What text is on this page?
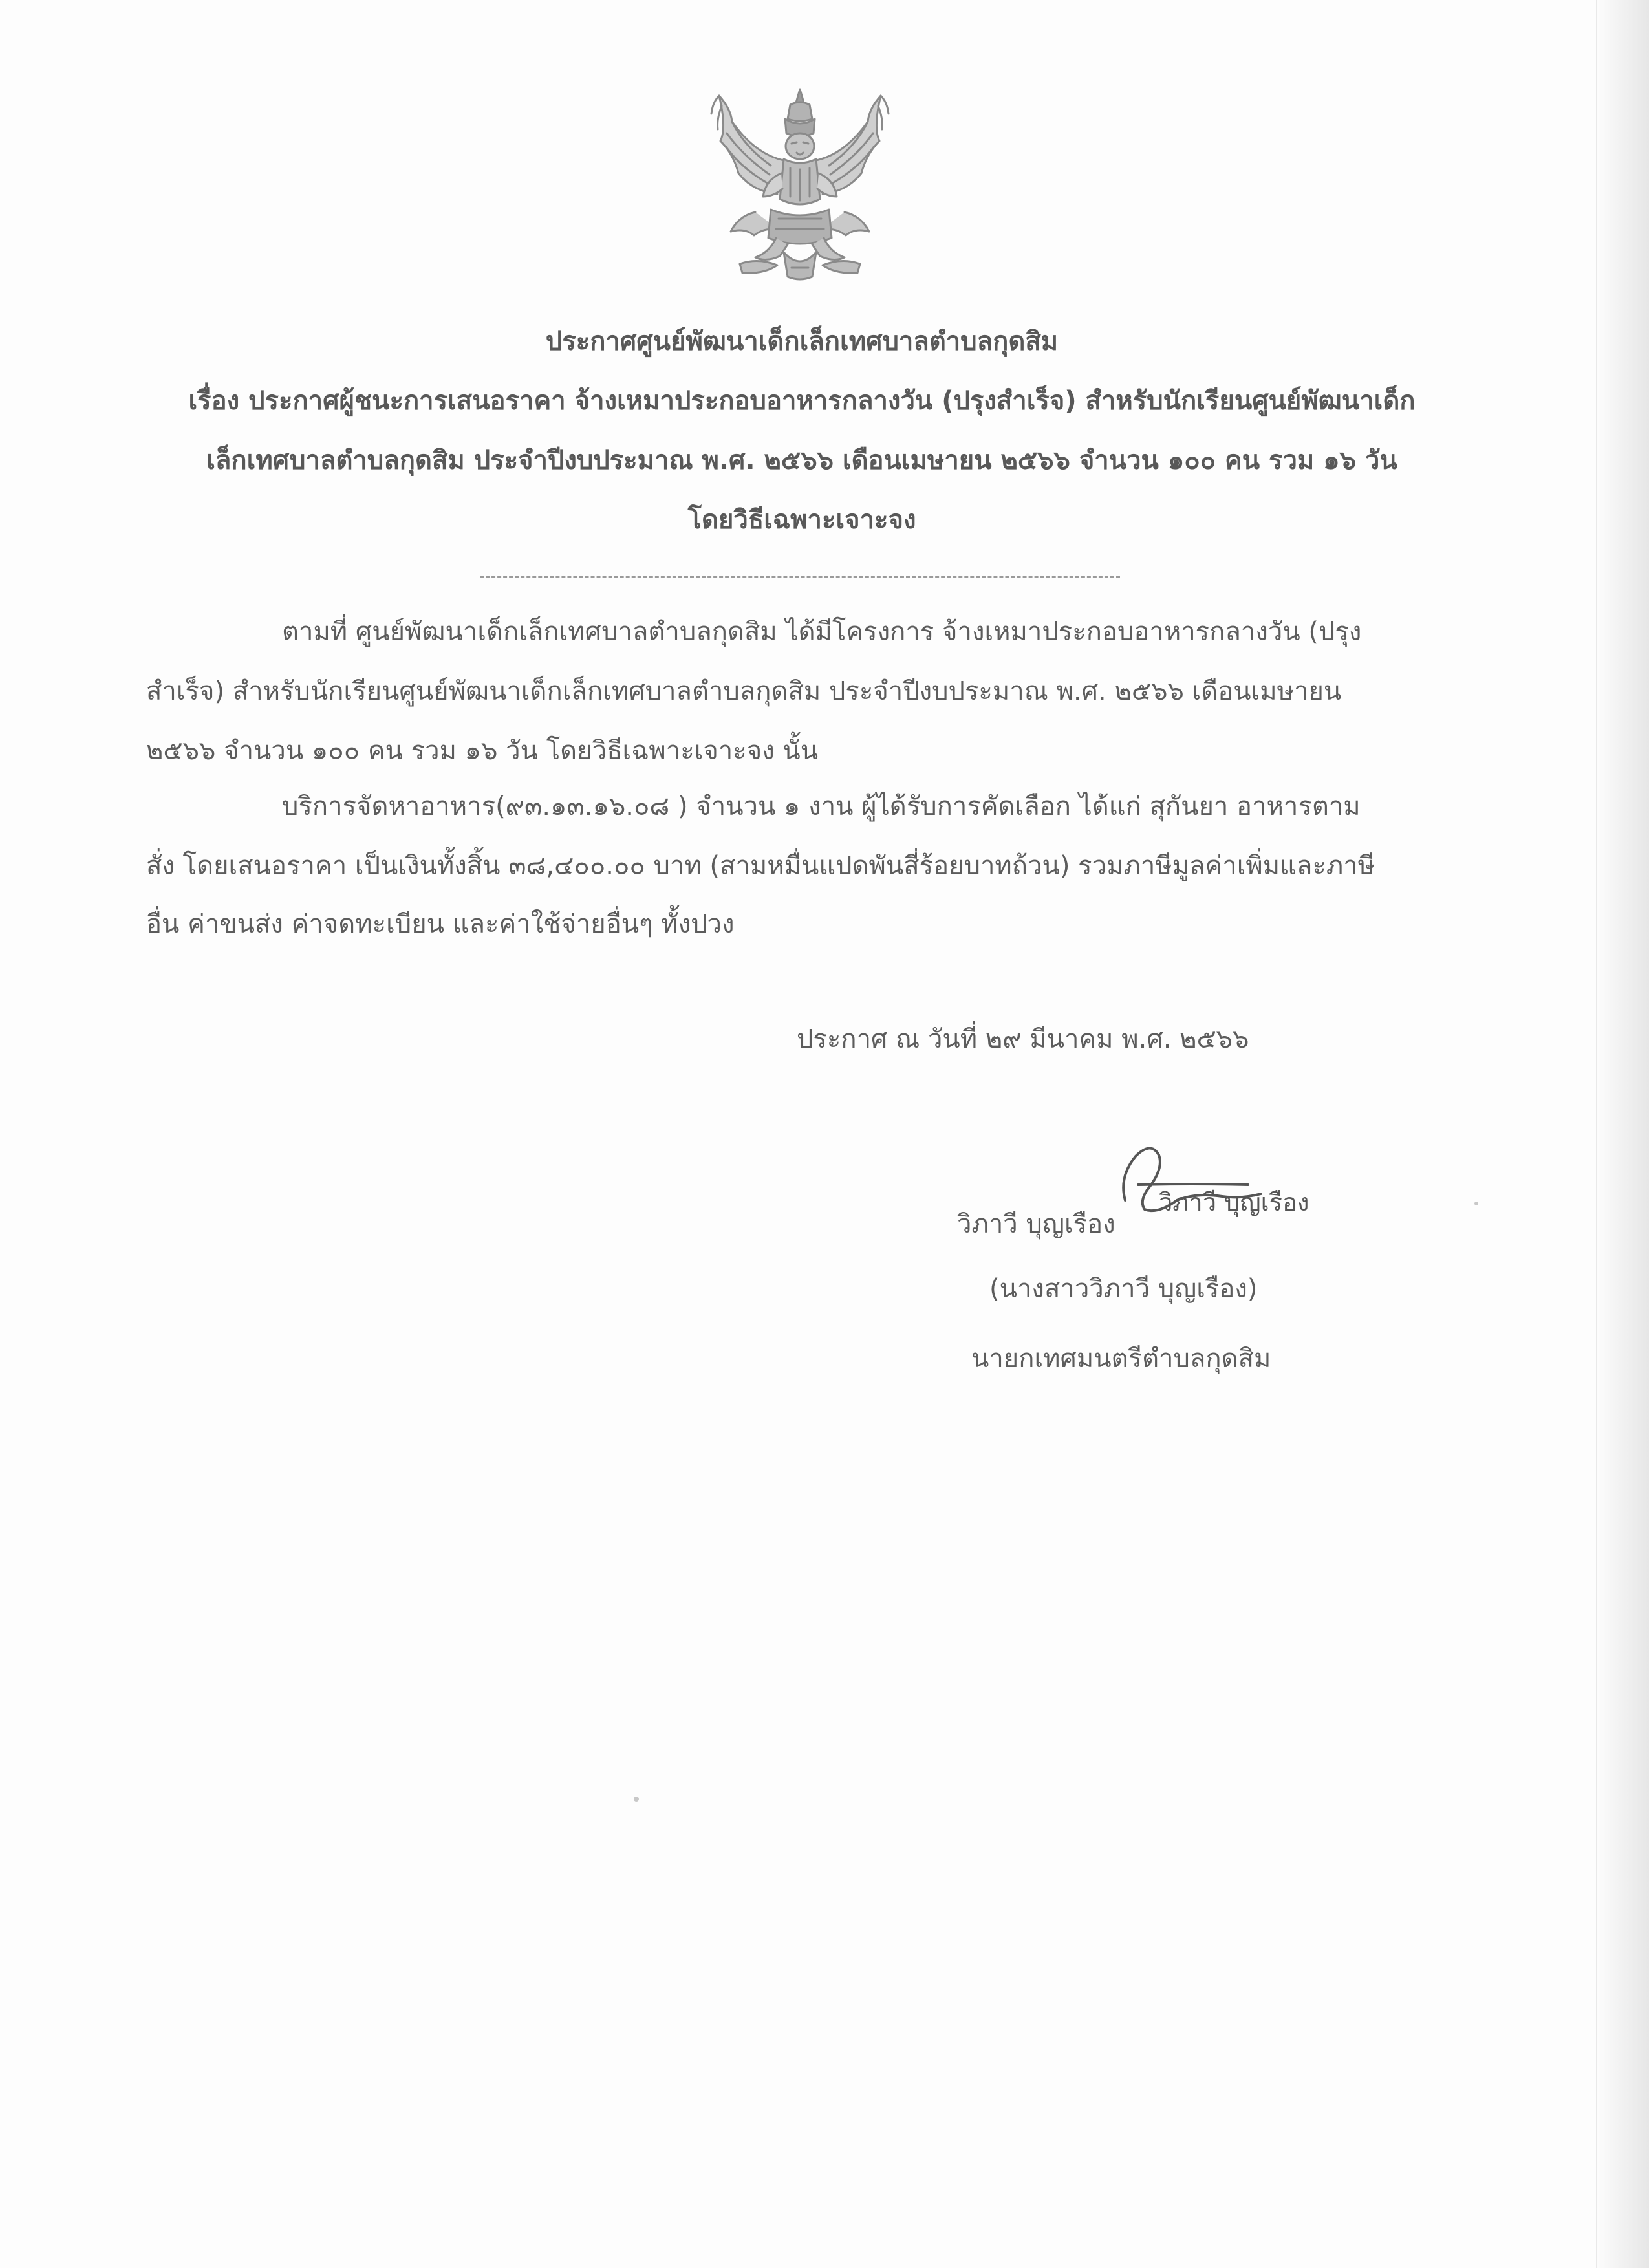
ประกาศศูนย์พัฒนาเด็กเล็กเทศบาลตำบลกุดสิม
เรื่อง ประกาศผู้ชนะการเสนอราคา จ้างเหมาประกอบอาหารกลางวัน (ปรุงสำเร็จ) สำหรับนักเรียนศูนย์พัฒนาเด็ก
เล็กเทศบาลตำบลกุดสิม ประจำปีงบประมาณ พ.ศ. ๒๕๖๖ เดือนเมษายน ๒๕๖๖ จำนวน ๑๐๐ คน รวม ๑๖ วัน
โดยวิธีเฉพาะเจาะจง
ตามที่ ศูนย์พัฒนาเด็กเล็กเทศบาลตำบลกุดสิม ได้มีโครงการ จ้างเหมาประกอบอาหารกลางวัน (ปรุง
สำเร็จ) สำหรับนักเรียนศูนย์พัฒนาเด็กเล็กเทศบาลตำบลกุดสิม ประจำปีงบประมาณ พ.ศ. ๒๕๖๖ เดือนเมษายน
๒๕๖๖ จำนวน ๑๐๐ คน รวม ๑๖ วัน โดยวิธีเฉพาะเจาะจง นั้น
บริการจัดหาอาหาร(๙๓.๑๓.๑๖.๐๘ ) จำนวน ๑ งาน ผู้ได้รับการคัดเลือก ได้แก่ สุกันยา อาหารตาม
สั่ง โดยเสนอราคา เป็นเงินทั้งสิ้น ๓๘,๔๐๐.๐๐ บาท (สามหมื่นแปดพันสี่ร้อยบาทถ้วน) รวมภาษีมูลค่าเพิ่มและภาษี
อื่น ค่าขนส่ง ค่าจดทะเบียน และค่าใช้จ่ายอื่นๆ ทั้งปวง
ประกาศ ณ วันที่ ๒๙ มีนาคม พ.ศ. ๒๕๖๖
วิภาวี บุญเรือง
วิภาวี บุญเรือง
(นางสาววิภาวี บุญเรือง)
นายกเทศมนตรีตำบลกุดสิม
